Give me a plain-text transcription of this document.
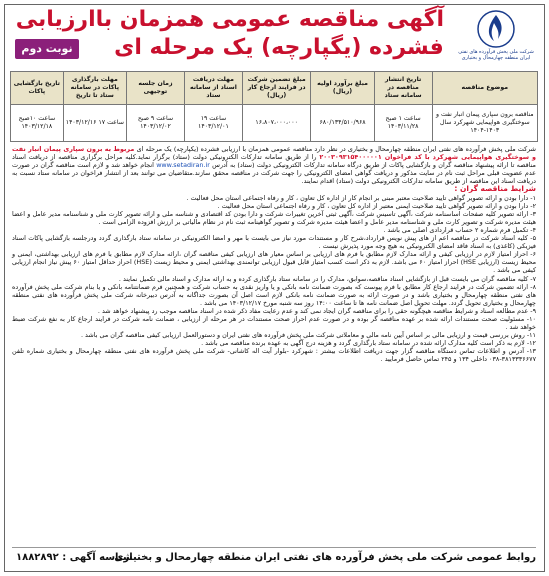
شرکت ملی پخش فرآورده های نفتی ایران منطقه چهارمحال و بختیاری
آگهی مناقصه عمومی همزمان باارزیابی
فشرده (یگپارچه) یک مرحله ای
نوبت دوم
موضوع مناقصه	تاریخ انتشار مناقصه در سامانه ستاد	مبلغ برآورد اولیه (ریال)	مبلغ تضمین شرکت در فرایند ارجاع کار (ریال)	مهلت دریافت اسناد از سامانه ستاد	زمان جلسه توجیهی	مهلت بارگذاری پاکات در سامانه ستاد تا تاریخ	تاریخ بازگشایی پاکات
مناقصه برون سپاری پیمان انبار نفت و سوختگیری هواپیمایی شهرکرد سال ۱۴۰۳-۱۴۰۴	ساعت ۱ صبح ۱۴۰۳/۱۱/۲۸	۶۸۰/۱۳۴/۵۱۰/۹۶۸	۱۶،۸۰۷،۰۰۰،۰۰۰	ساعت ۱۹ ۱۴۰۳/۱۲/۰۱	ساعت ۹ صبح ۱۴۰۳/۱۲/۰۲	ساعت ۱۷ ۱۴۰۳/۱۲/۱۶	ساعت ۱۰صبح ۱۴۰۳/۱۲/۱۸

شرکت ملی پخش فرآورده های نفتی ایران منطقه چهارمحال و بختیاری در نظر دارد مناقصه عمومی همزمان با ارزیابی فشرده (یکپارچه) یک مرحله ای مربوط به برون سپاری پیمان انبار نفت و سوختگیری هواپیمایی شهرکرد با کد فراخوان ۲۰۰۳۰۹۳۱۵۴۰۰۰۰۰۱ را از طریق سامانه تدارکات الکترونیکی دولت (ستاد) برگزار نماید.کلیه مراحل برگزاری مناقصه از دریافت اسناد مناقصه تا ارائه پیشنهاد مناقصه گران و بازگشایی پاکات از طریق درگاه سامانه تدارکات الکترونیکی دولت (ستاد) به آدرس www.setadiran.ir انجام خواهد شد و لازم است مناقصه گران در صورت عدم عضویت قبلی مراحل ثبت نام در سایت مذکور و دریافت گواهی امضای الکترونیکی را جهت شرکت در مناقصه محقق سازند.متقاضیان می توانند بعد از انتشار فراخوان در سامانه ستاد نسبت به دریافت اسناد این مناقصه از طریق سامانه تدارکات الکترونیکی دولت (ستاد) اقدام نمایند.

شرایط مناقصه گران :

۱- دارا بودن و ارائه تصویر گواهی تایید صلاحیت معتبر مبنی بر انجام کار از اداره کل تعاون ، کار و رفاه اجتماعی استان محل فعالیت .

۲- دارا بودن و ارائه تصویر گواهی تایید صلاحیت ایمنی معتبر از اداره کل تعاون ، کار و رفاه اجتماعی استان محل فعالیت .

۳- ارائه تصویر کلیه صفحات اساسنامه شرکت ،آگهی تاسیس شرکت ،آگهی ثبتی آخرین تغییرات شرکت و دارا بودن کد اقتصادی و شناسه ملی و ارائه تصویر کارت ملی و شناسنامه مدیر عامل و اعضا هیئت مدیره شرکت و تصویر کارت ملی و شناسنامه مدیر عامل و اعضا هیئت مدیره شرکت و تصویر گواهینامه ثبت نام در نظام مالیاتی بر ارزش افزوده الزامی است .

۴- تکمیل فرم شماره ۲ حساب قراردادی اصلی می باشد .

۵- کلیه اسناد شرکت در مناقصه اعم از های پیش نویس قرارداد،شرح کار و مستندات مورد نیاز می بایست با مهر و امضا الکترونیکی در سامانه ستاد بارگذاری گردد ودرجلسه بازگشایی پاکات اسناد فیزیکی (کاغذی) به اسناد فاقد امضای الکترونیکی به هیچ وجه مورد پذیرش نیست .

۶- احراز امتیاز لازم در ارزیابی کیفی و ارائه مدارک لازم مطابق با فرم های ارزیابی بر اساس معیار های ارزیابی کیفی مناقصه گران ،ارائه مدارک لازم مطابق با فرم های ارزیابی بهداشتی، ایمنی و محیط زیست (ارزیابی HSE) احراز امتیاز ۶۰ می باشد. لازم به ذکر است کسب امتیاز قابل قبول ارزیابی توانمندی بهداشتی ایمنی و محیط زیست (HSE) احراز حداقل امتیاز ۶۰ پیش نیاز انجام ارزیابی کیفی می باشد .

۷- کلیه مناقصه گران می بایست قبل از بازگشایی اسناد مناقصه،سوابق، مدارک را در سامانه ستاد بارگذاری کرده و به ارائه مدارک و اسناد مالی تکمیل نمایند .

۸- ارائه تضمین شرکت در فرایند ارجاع کار مطابق با فرم پیوست که بصورت ضمانت نامه بانکی و یا واریز نقدی به حساب شرکت و همچنین فرم ضمانتنامه بانکی و یا بنام شرکت ملی پخش فرآورده های نفتی منطقه چهارمحال و بختیاری باشد و در صورت ارائه به صورت ضمانت نامه بانکی لازم است اصل آن بصورت جداگانه به آدرس دبیرخانه شرکت ملی پخش فرآورده های نفتی منطقه چهارمحال و بختیاری تحویل گردد. مهلت تحویل اصل ضمانت نامه ها تا ساعت ۱۴:۰۰ روز سه شنبه مورخ ۱۴۰۳/۱۲/۱۷ می باشد .

۹- عدم مطالعه اسناد و شرایط مناقصه هیچگونه حقی را برای مناقصه گران ایجاد نمی کند و عدم رعایت مفاد ذکر شده در اسناد مناقصه موجب رد پیشنهاد خواهد شد .

۱۰- مسئولیت صحت مستندات ارائه شده بر عهده مناقصه گر بوده و در صورت عدم احراز صحت مستندات در هر مرحله از ارزیابی ، ضمانت نامه شرکت در فرایند ارجاع کار به نفع شرکت ضبط خواهد شد .

۱۱- روش بررسی قیمت و ارزیابی مالی بر اساس آیین نامه مالی و معاملاتی شرکت ملی پخش فرآورده های نفتی ایران و دستورالعمل ارزیابی کیفی مناقصه گران می باشد .

۱۲- لازم به ذکر است کلیه مدارک ارائه شده در سامانه ستاد بارگذاری گردد و هزینه درج آگهی به عهده برنده مناقصه می باشد .

۱۳- آدرس و اطلاعات تماس دستگاه مناقصه گزار جهت دریافت اطلاعات بیشتر : شهرکرد -بلوار آیت اله کاشانی- شرکت ملی پخش فرآورده های نفتی منطقه چهارمحال و بختیاری شماره تلفن ۳۸۱۳۳۳۶۶۷۷-۰۳۸ داخلی ۱۳۴ و ۲۴۵ تماس حاصل فرمایید .

روابط عمومی شرکت ملی پخش فرآورده های نفتی ایران منطقه چهارمحال و بختیاری
شناسه آگهی : ۱۸۸۲۸۹۲
